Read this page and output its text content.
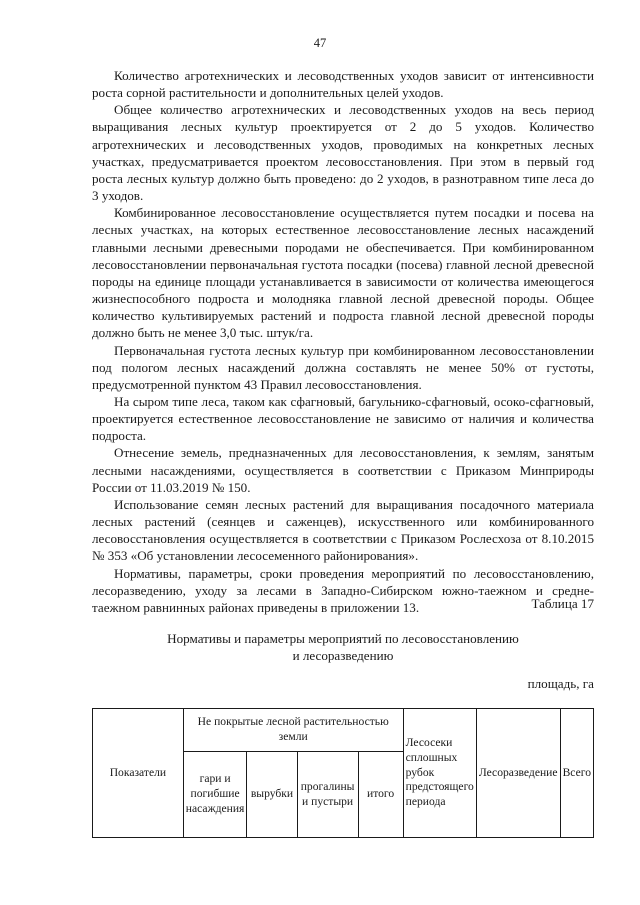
47

Количество агротехнических и лесоводственных уходов зависит от интенсивности роста сорной растительности и дополнительных целей уходов.

Общее количество агротехнических и лесоводственных уходов на весь период выращивания лесных культур проектируется от 2 до 5 уходов. Количество агротехнических и лесоводственных уходов, проводимых на конкретных лесных участках, предусматривается проектом лесовосстановления. При этом в первый год роста лесных культур должно быть проведено: до 2 уходов, в разнотравном типе леса до 3 уходов.

Комбинированное лесовосстановление осуществляется путем посадки и посева на лесных участках, на которых естественное лесовосстановление лесных насаждений главными лесными древесными породами не обеспечивается. При комбинированном лесовосстановлении первоначальная густота посадки (посева) главной лесной древесной породы на единице площади устанавливается в зависимости от количества имеющегося жизнеспособного подроста и молодняка главной лесной древесной породы. Общее количество культивируемых растений и подроста главной лесной древесной породы должно быть не менее 3,0 тыс. штук/га.

Первоначальная густота лесных культур при комбинированном лесовосстановлении под пологом лесных насаждений должна составлять не менее 50% от густоты, предусмотренной пунктом 43 Правил лесовосстановления.

На сыром типе леса, таком как сфагновый, багульнико-сфагновый, осоко-сфагновый, проектируется естественное лесовосстановление не зависимо от наличия и количества подроста.

Отнесение земель, предназначенных для лесовосстановления, к землям, занятым лесными насаждениями, осуществляется в соответствии с Приказом Минприроды России от 11.03.2019 № 150.

Использование семян лесных растений для выращивания посадочного материала лесных растений (сеянцев и саженцев), искусственного или комбинированного лесовосстановления осуществляется в соответствии с Приказом Рослесхоза от 8.10.2015 № 353 «Об установлении лесосеменного районирования».

Нормативы, параметры, сроки проведения мероприятий по лесовосстановлению, лесоразведению, уходу за лесами в Западно-Сибирском южно-таежном и средне-таежном равнинных районах приведены в приложении 13.	Таблица 17
Нормативы и параметры мероприятий по лесовосстановлению
и лесоразведению
площадь, га
Показатели	Не покрытые лесной растительностью земли				Лесосеки сплошных рубок предстоящего периода	Лесоразведение	Всего
	гари и погибшие насаждения	вырубки	прогалины и пустыри	итого			
